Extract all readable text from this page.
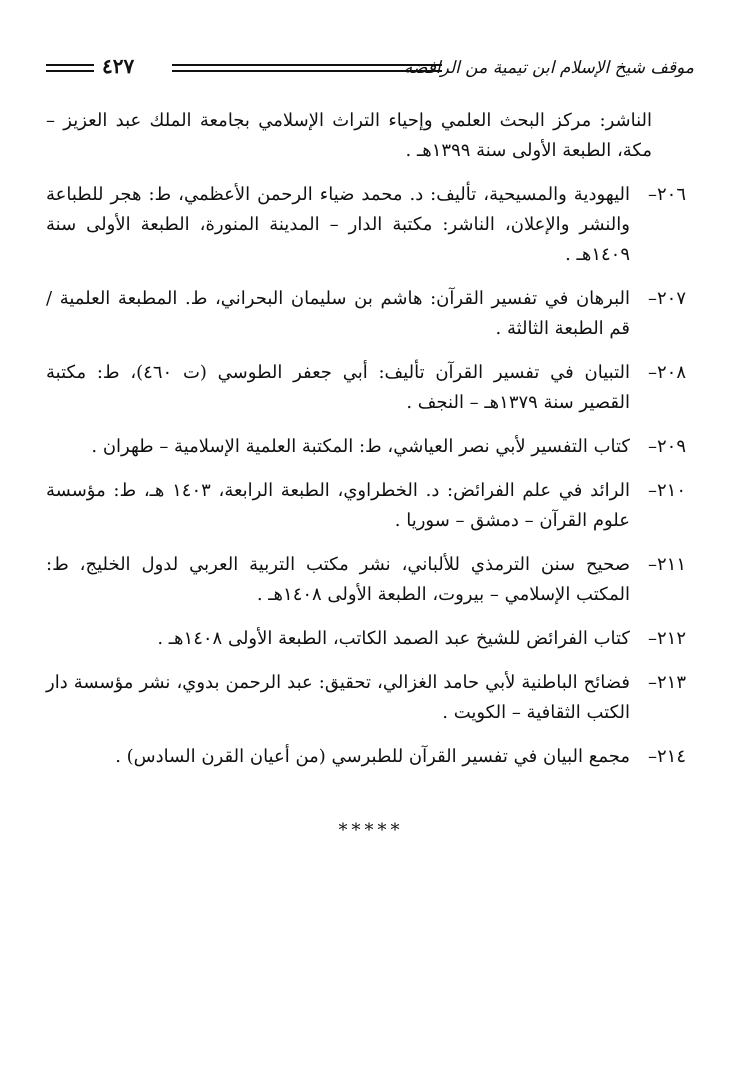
موقف شيخ الإسلام ابن تيمية من الرافضة
٤٢٧
الناشر: مركز البحث العلمي وإحياء التراث الإسلامي بجامعة الملك عبد العزيز – مكة، الطبعة الأولى سنة ١٣٩٩هـ .
٢٠٦–
اليهودية والمسيحية، تأليف: د. محمد ضياء الرحمن الأعظمي، ط: هجر للطباعة والنشر والإعلان، الناشر: مكتبة الدار – المدينة المنورة، الطبعة الأولى سنة ١٤٠٩هـ .
٢٠٧–
البرهان في تفسير القرآن: هاشم بن سليمان البحراني، ط. المطبعة العلمية / قم الطبعة الثالثة .
٢٠٨–
التبيان في تفسير القرآن تأليف: أبي جعفر الطوسي (ت ٤٦٠)، ط: مكتبة القصير سنة ١٣٧٩هـ – النجف .
٢٠٩–
كتاب التفسير لأبي نصر العياشي، ط: المكتبة العلمية الإسلامية – طهران .
٢١٠–
الرائد في علم الفرائض: د. الخطراوي، الطبعة الرابعة، ١٤٠٣ هـ، ط: مؤسسة علوم القرآن – دمشق – سوريا .
٢١١–
صحيح سنن الترمذي للألباني، نشر مكتب التربية العربي لدول الخليج، ط: المكتب الإسلامي – بيروت، الطبعة الأولى ١٤٠٨هـ .
٢١٢–
كتاب الفرائض للشيخ عبد الصمد الكاتب، الطبعة الأولى ١٤٠٨هـ .
٢١٣–
فضائح الباطنية لأبي حامد الغزالي، تحقيق: عبد الرحمن بدوي، نشر مؤسسة دار الكتب الثقافية – الكويت .
٢١٤–
مجمع البيان في تفسير القرآن للطبرسي (من أعيان القرن السادس) .
*****
